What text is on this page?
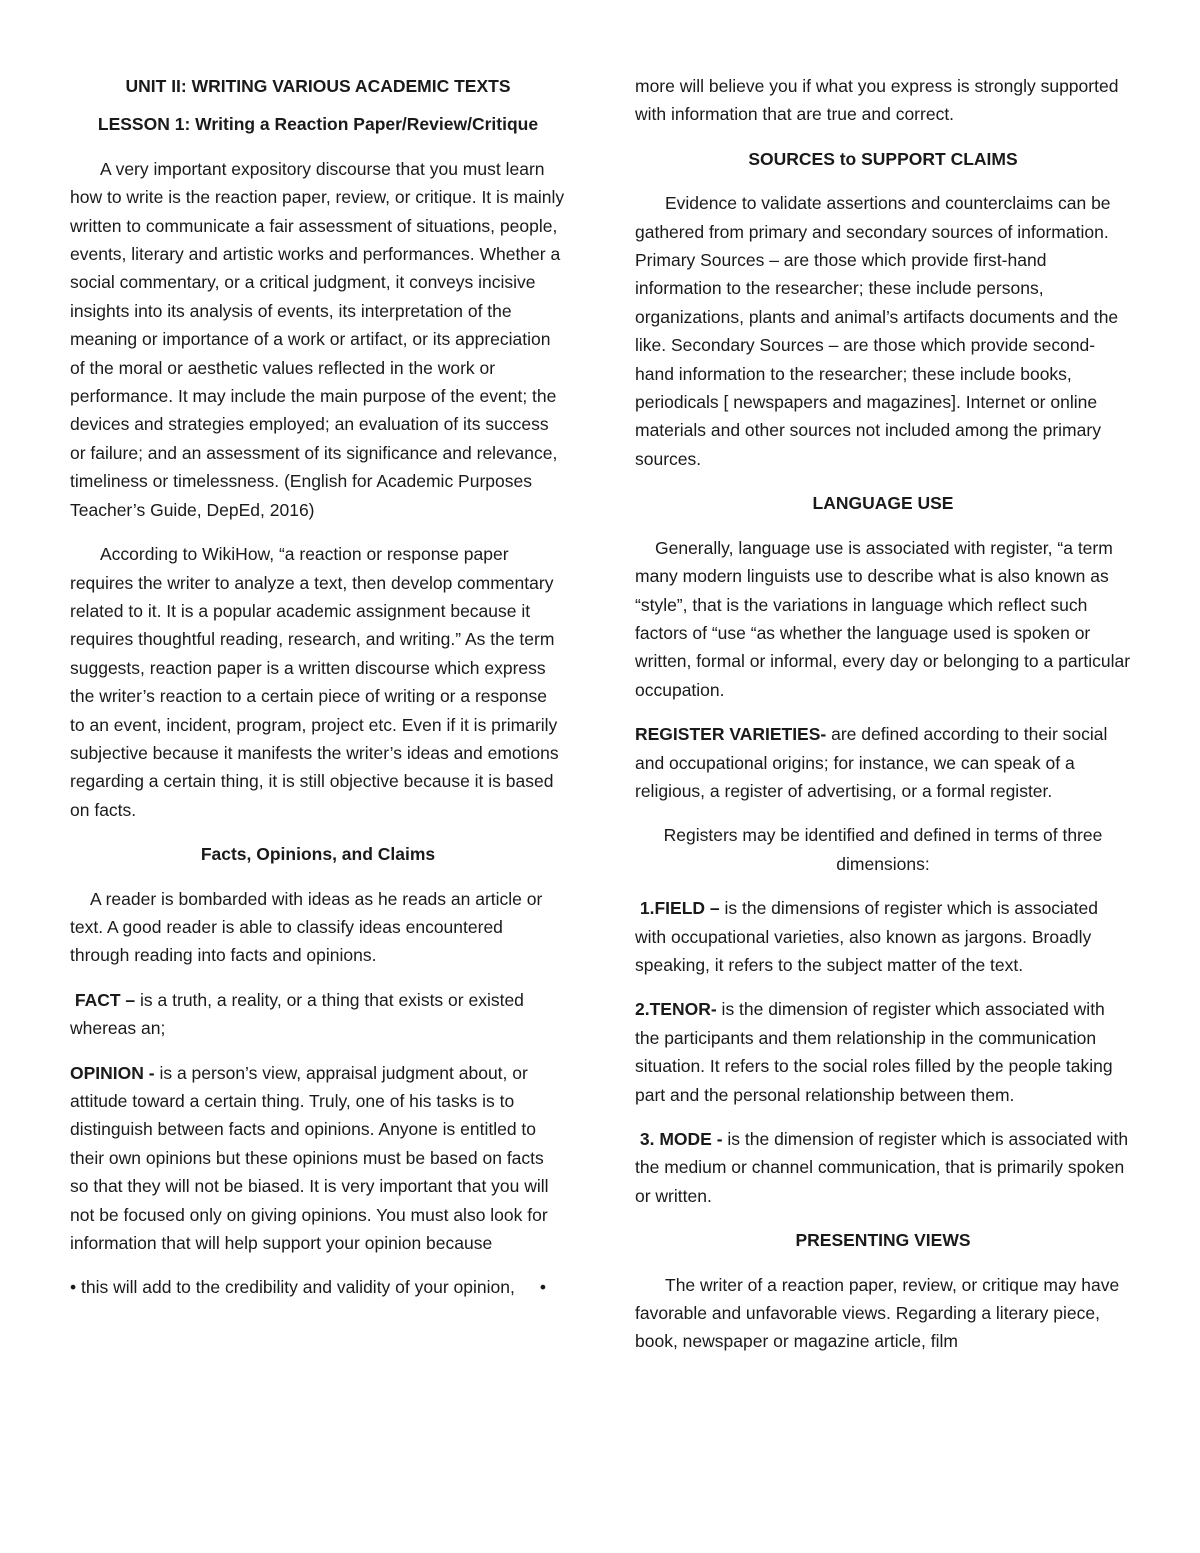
UNIT II: WRITING VARIOUS ACADEMIC TEXTS

LESSON 1: Writing a Reaction Paper/Review/Critique

A very important expository discourse that you must learn how to write is the reaction paper, review, or critique. It is mainly written to communicate a fair assessment of situations, people, events, literary and artistic works and performances. Whether a social commentary, or a critical judgment, it conveys incisive insights into its analysis of events, its interpretation of the meaning or importance of a work or artifact, or its appreciation of the moral or aesthetic values reflected in the work or performance. It may include the main purpose of the event; the devices and strategies employed; an evaluation of its success or failure; and an assessment of its significance and relevance, timeliness or timelessness. (English for Academic Purposes Teacher’s Guide, DepEd, 2016)

According to WikiHow, “a reaction or response paper requires the writer to analyze a text, then develop commentary related to it. It is a popular academic assignment because it requires thoughtful reading, research, and writing.” As the term suggests, reaction paper is a written discourse which express the writer’s reaction to a certain piece of writing or a response to an event, incident, program, project etc. Even if it is primarily subjective because it manifests the writer’s ideas and emotions regarding a certain thing, it is still objective because it is based on facts.

Facts, Opinions, and Claims

A reader is bombarded with ideas as he reads an article or text. A good reader is able to classify ideas encountered through reading into facts and opinions.

FACT – is a truth, a reality, or a thing that exists or existed whereas an;

OPINION - is a person’s view, appraisal judgment about, or attitude toward a certain thing. Truly, one of his tasks is to distinguish between facts and opinions. Anyone is entitled to their own opinions but these opinions must be based on facts so that they will not be biased. It is very important that you will not be focused only on giving opinions. You must also look for information that will help support your opinion because

• this will add to the credibility and validity of your opinion, •

more will believe you if what you express is strongly supported with information that are true and correct.

SOURCES to SUPPORT CLAIMS

Evidence to validate assertions and counterclaims can be gathered from primary and secondary sources of information. Primary Sources – are those which provide first-hand information to the researcher; these include persons, organizations, plants and animal’s artifacts documents and the like. Secondary Sources – are those which provide second-hand information to the researcher; these include books, periodicals [ newspapers and magazines]. Internet or online materials and other sources not included among the primary sources.

LANGUAGE USE

Generally, language use is associated with register, “a term many modern linguists use to describe what is also known as “style”, that is the variations in language which reflect such factors of “use “as whether the language used is spoken or written, formal or informal, every day or belonging to a particular occupation.

REGISTER VARIETIES- are defined according to their social and occupational origins; for instance, we can speak of a religious, a register of advertising, or a formal register.

Registers may be identified and defined in terms of three dimensions:

1.FIELD – is the dimensions of register which is associated with occupational varieties, also known as jargons. Broadly speaking, it refers to the subject matter of the text.

2.TENOR- is the dimension of register which associated with the participants and them relationship in the communication situation. It refers to the social roles filled by the people taking part and the personal relationship between them.

3. MODE - is the dimension of register which is associated with the medium or channel communication, that is primarily spoken or written.

PRESENTING VIEWS

The writer of a reaction paper, review, or critique may have favorable and unfavorable views. Regarding a literary piece, book, newspaper or magazine article, film
